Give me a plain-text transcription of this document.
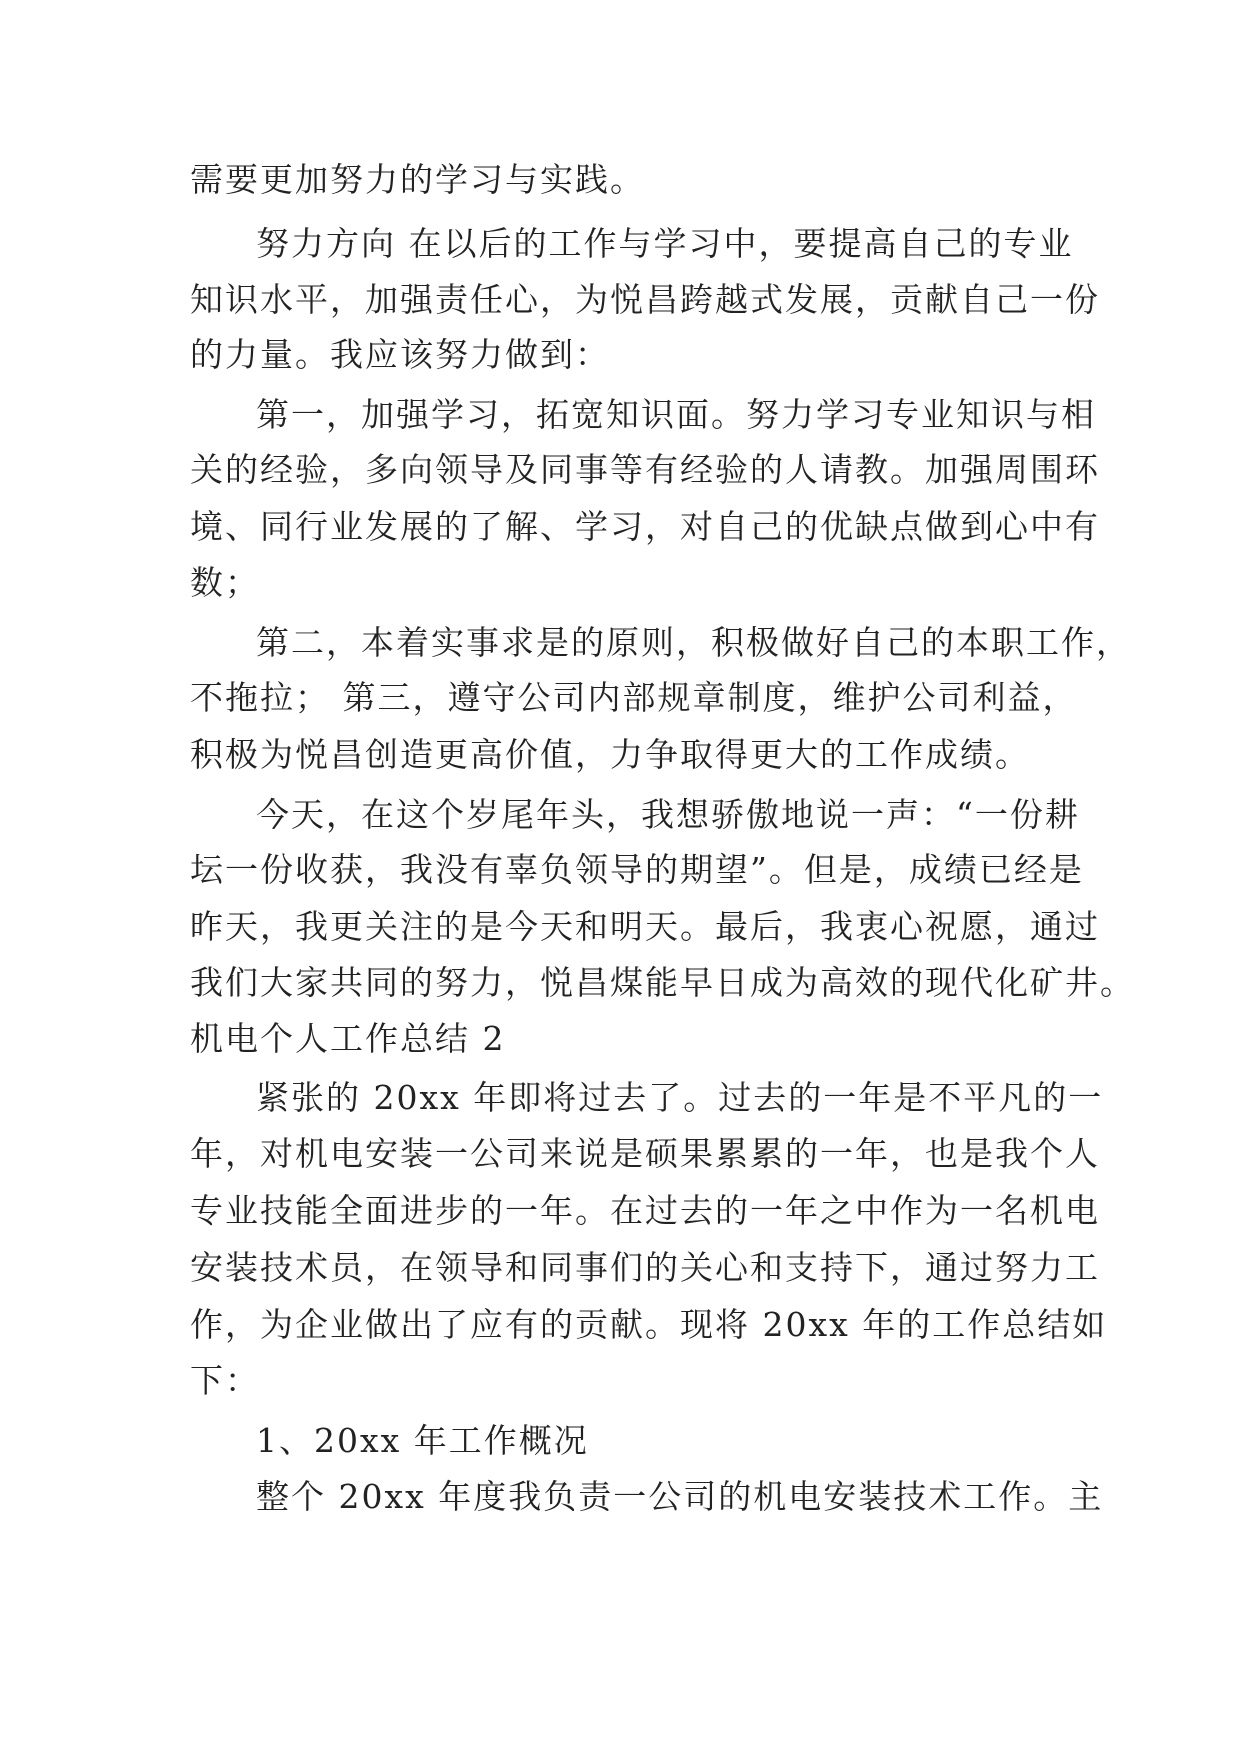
需要更加努力的学习与实践。

努力方向 在以后的工作与学习中，要提高自己的专业

知识水平，加强责任心，为悦昌跨越式发展，贡献自己一份

的力量。我应该努力做到：

第一，加强学习，拓宽知识面。努力学习专业知识与相

关的经验，多向领导及同事等有经验的人请教。加强周围环

境、同行业发展的了解、学习，对自己的优缺点做到心中有

数；

第二，本着实事求是的原则，积极做好自己的本职工作，

不拖拉； 第三，遵守公司内部规章制度，维护公司利益，

积极为悦昌创造更高价值，力争取得更大的工作成绩。

今天，在这个岁尾年头，我想骄傲地说一声：“一份耕

坛一份收获，我没有辜负领导的期望”。但是，成绩已经是

昨天，我更关注的是今天和明天。最后，我衷心祝愿，通过

我们大家共同的努力，悦昌煤能早日成为高效的现代化矿井。

机电个人工作总结 2

紧张的 20xx 年即将过去了。过去的一年是不平凡的一

年，对机电安装一公司来说是硕果累累的一年，也是我个人

专业技能全面进步的一年。在过去的一年之中作为一名机电

安装技术员，在领导和同事们的关心和支持下，通过努力工

作，为企业做出了应有的贡献。现将 20xx 年的工作总结如

下：

1、20xx 年工作概况

整个 20xx 年度我负责一公司的机电安装技术工作。主
